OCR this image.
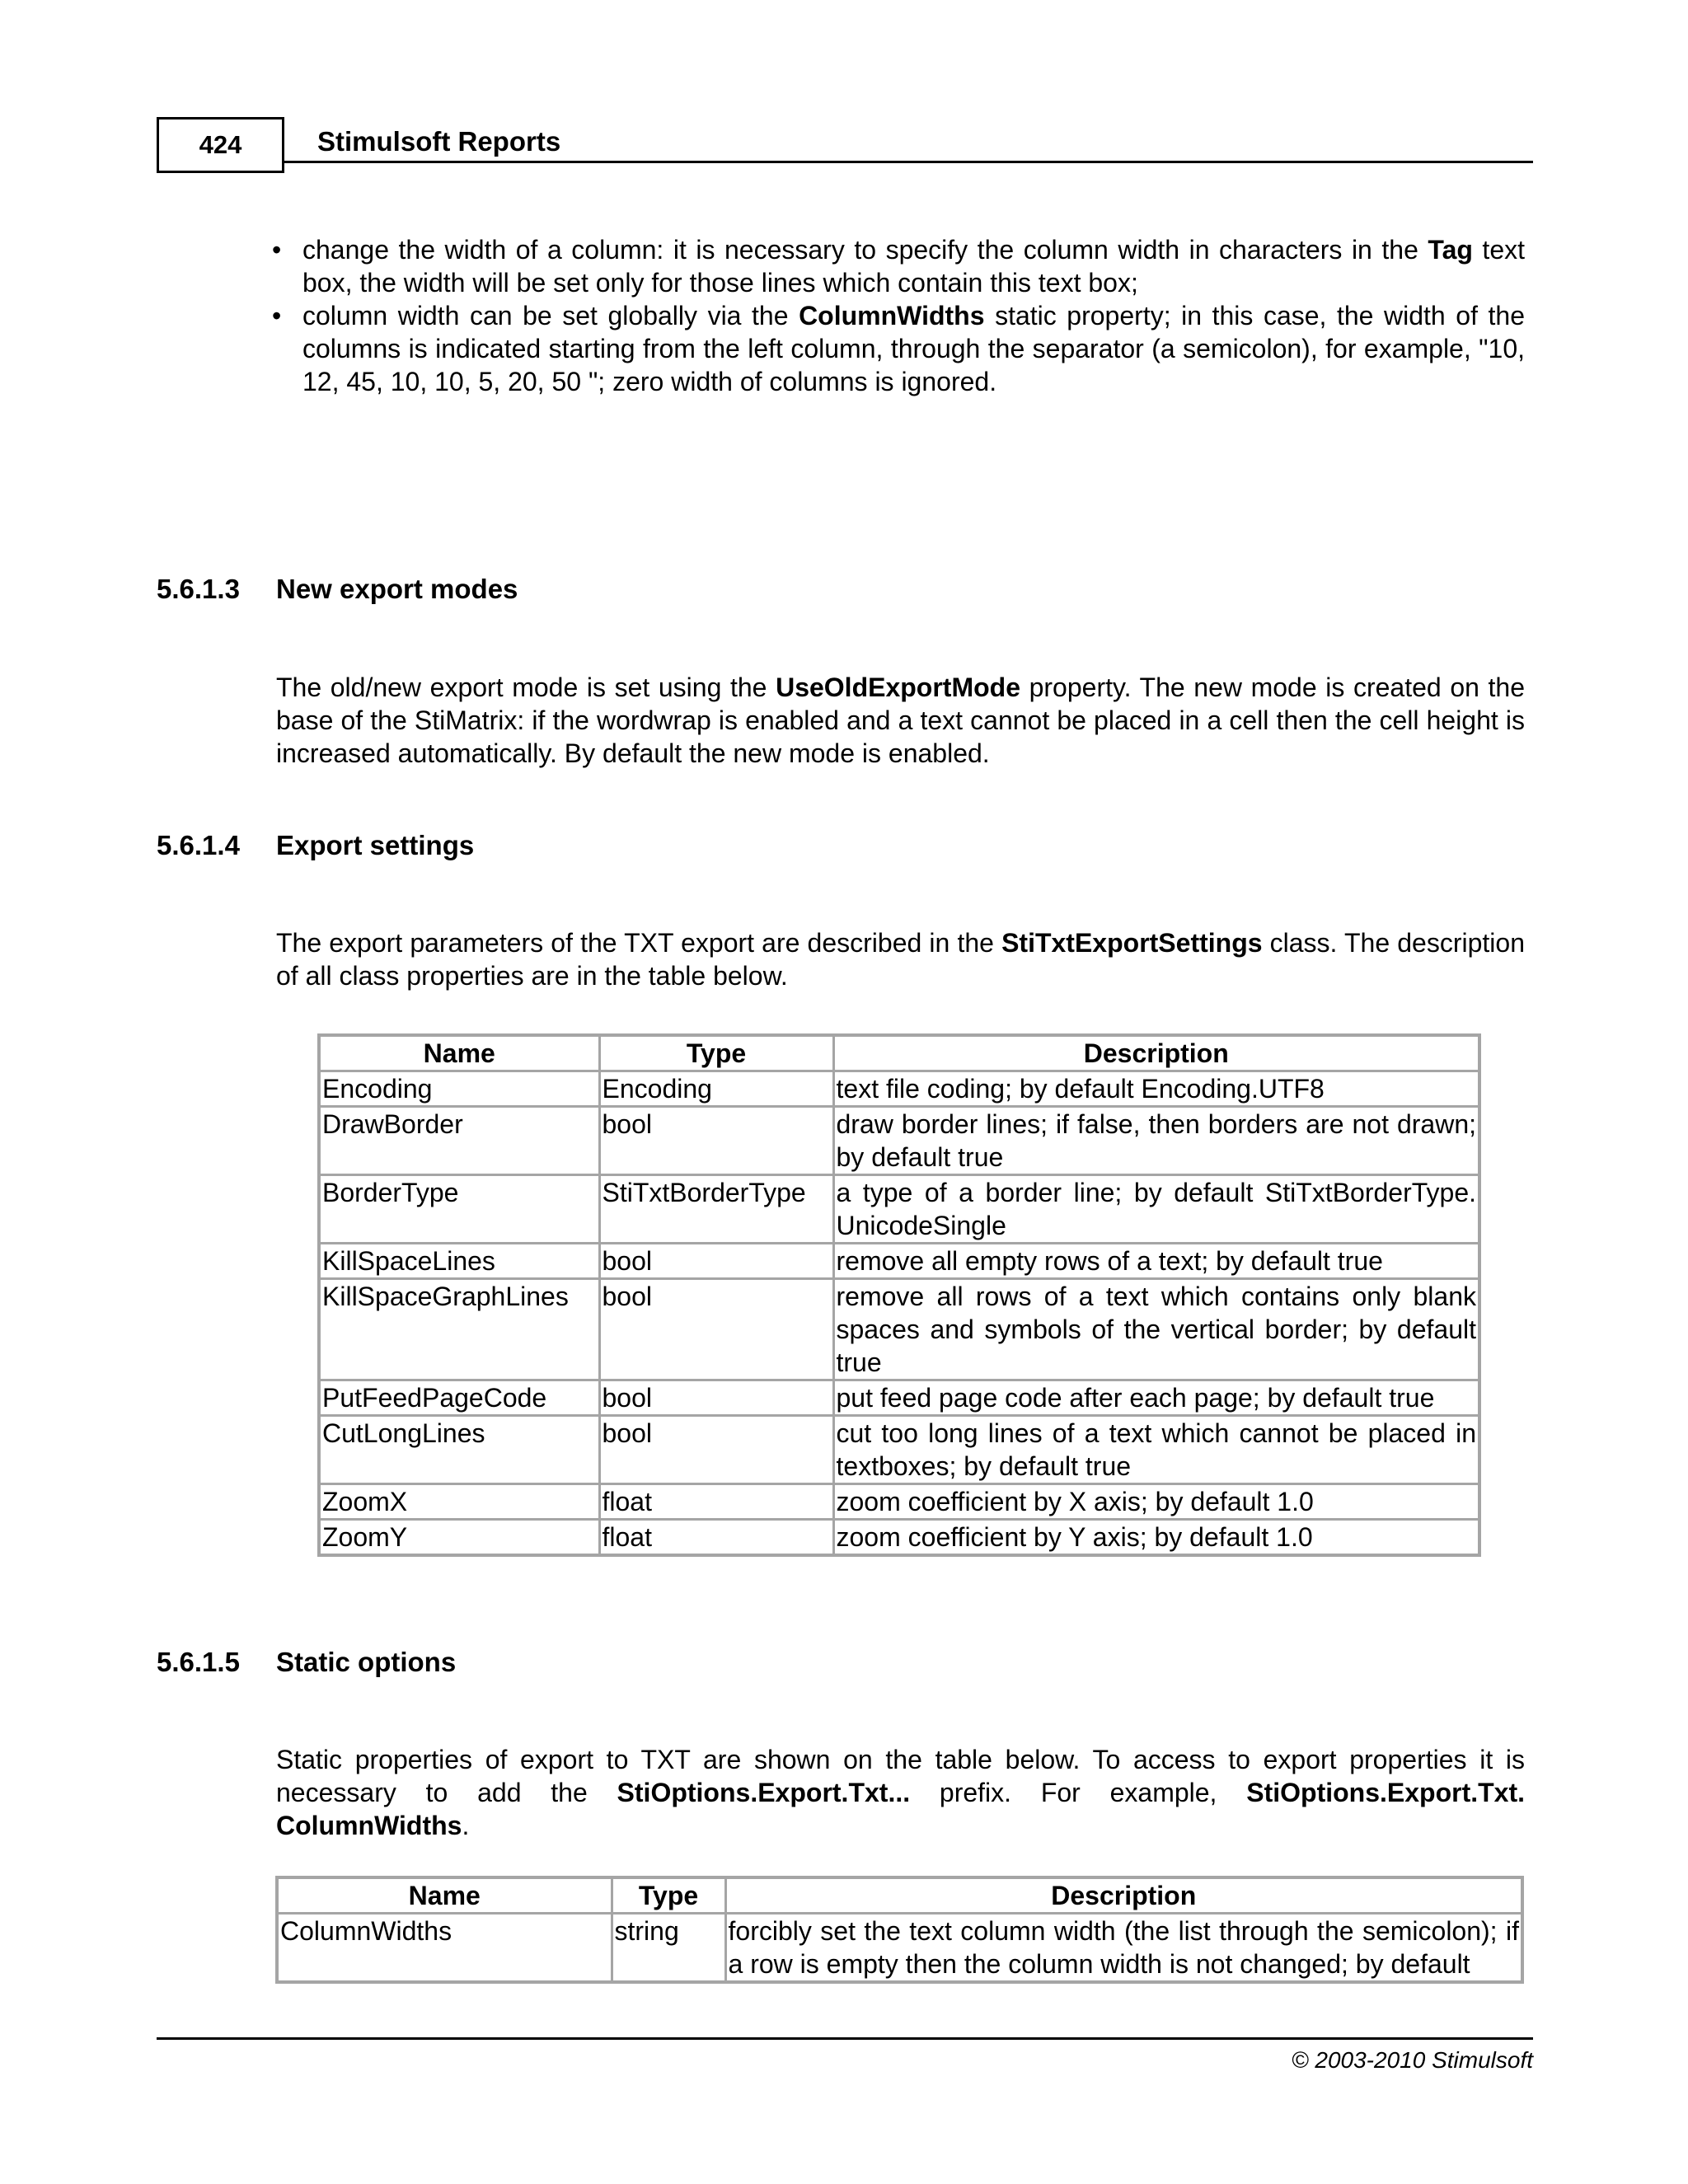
424	Stimulsoft Reports
• change the width of a column: it is necessary to specify the column width in characters in the Tag text box, the width will be set only for those lines which contain this text box;
• column width can be set globally via the ColumnWidths static property; in this case, the width of the columns is indicated starting from the left column, through the separator (a semicolon), for example, "10, 12, 45, 10, 10, 5, 20, 50 "; zero width of columns is ignored.
5.6.1.3 New export modes
The old/new export mode is set using the UseOldExportMode property. The new mode is created on the base of the StiMatrix: if the wordwrap is enabled and a text cannot be placed in a cell then the cell height is increased automatically. By default the new mode is enabled.
5.6.1.4 Export settings
The export parameters of the TXT export are described in the StiTxtExportSettings class. The description of all class properties are in the table below.
Name	Type	Description
Encoding	Encoding	text file coding; by default Encoding.UTF8
DrawBorder	bool	draw border lines; if false, then borders are not drawn; by default true
BorderType	StiTxtBorderType	a type of a border line; by default StiTxtBorderType. UnicodeSingle
KillSpaceLines	bool	remove all empty rows of a text; by default true
KillSpaceGraphLines	bool	remove all rows of a text which contains only blank spaces and symbols of the vertical border; by default true
PutFeedPageCode	bool	put feed page code after each page; by default true
CutLongLines	bool	cut too long lines of a text which cannot be placed in textboxes; by default true
ZoomX	float	zoom coefficient by X axis; by default 1.0
ZoomY	float	zoom coefficient by Y axis; by default 1.0
5.6.1.5 Static options
Static properties of export to TXT are shown on the table below. To access to export properties it is necessary to add the StiOptions.Export.Txt... prefix. For example, StiOptions.Export.Txt. ColumnWidths.
Name	Type	Description
ColumnWidths	string	forcibly set the text column width (the list through the semicolon); if a row is empty then the column width is not changed; by default
© 2003-2010 Stimulsoft
